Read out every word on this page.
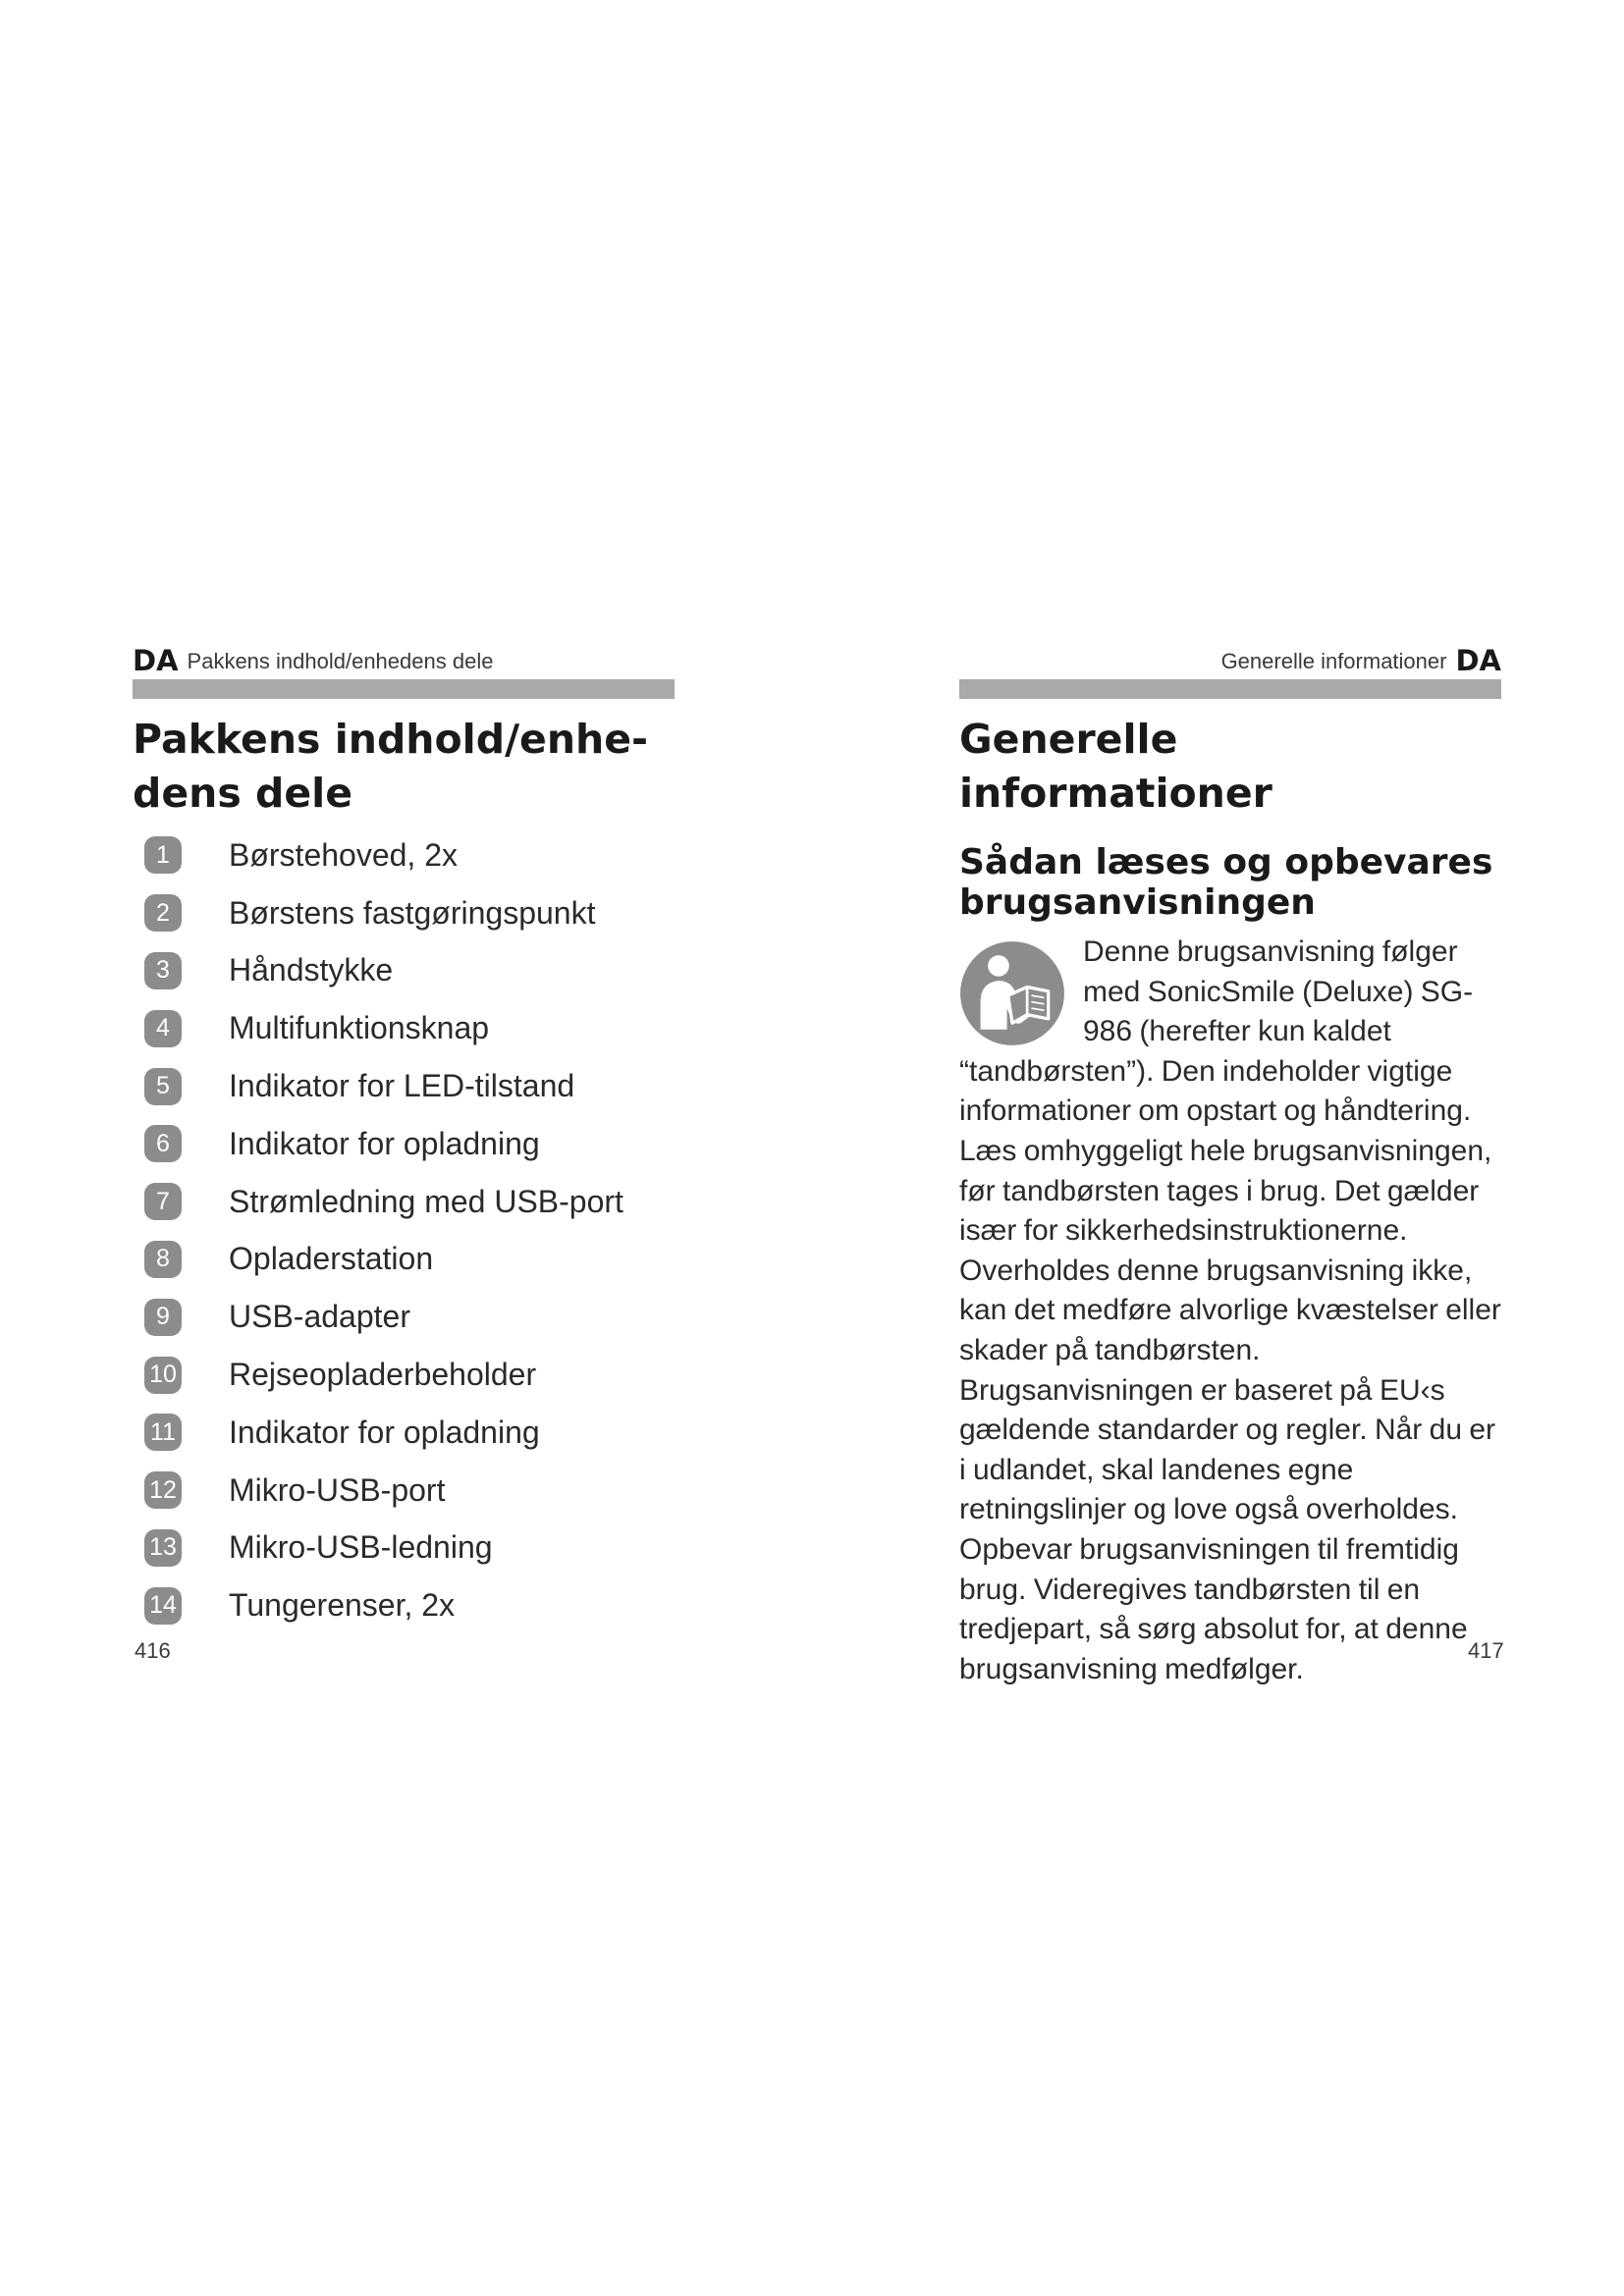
DA Pakkens indhold/enhedens dele
Pakkens indhold/enhe-
dens dele
1	Børstehoved, 2x
2	Børstens fastgøringspunkt
3	Håndstykke
4	Multifunktionsknap
5	Indikator for LED-tilstand
6	Indikator for opladning
7	Strømledning med USB-port
8	Opladerstation
9	USB-adapter
10 Rejseopladerbeholder
11 Indikator for opladning
12 Mikro-USB-port
13 Mikro-USB-ledning
14 Tungerenser, 2x
Generelle informationer DA
Generelle informationer
Sådan læses og opbevares
brugsanvisningen

Denne brugsanvisning følger med SonicSmile (Deluxe) SG-986 (herefter kun kaldet “tandbørsten”). Den indeholder vigtige informationer om opstart og håndtering. Læs omhyggeligt hele brugsanvisningen, før tandbørsten tages i brug. Det gælder især for sikkerhedsinstruktionerne. Overholdes denne brugsanvisning ikke, kan det medføre alvorlige kvæstelser eller skader på tandbørsten. Brugsanvisningen er baseret på EU‹s gældende standarder og regler. Når du er i udlandet, skal landenes egne retningslinjer og love også overholdes. Opbevar brugsanvisningen til fremtidig brug. Videregives tandbørsten til en tredjepart, så sørg absolut for, at denne brugsanvisning medfølger.

416	417
